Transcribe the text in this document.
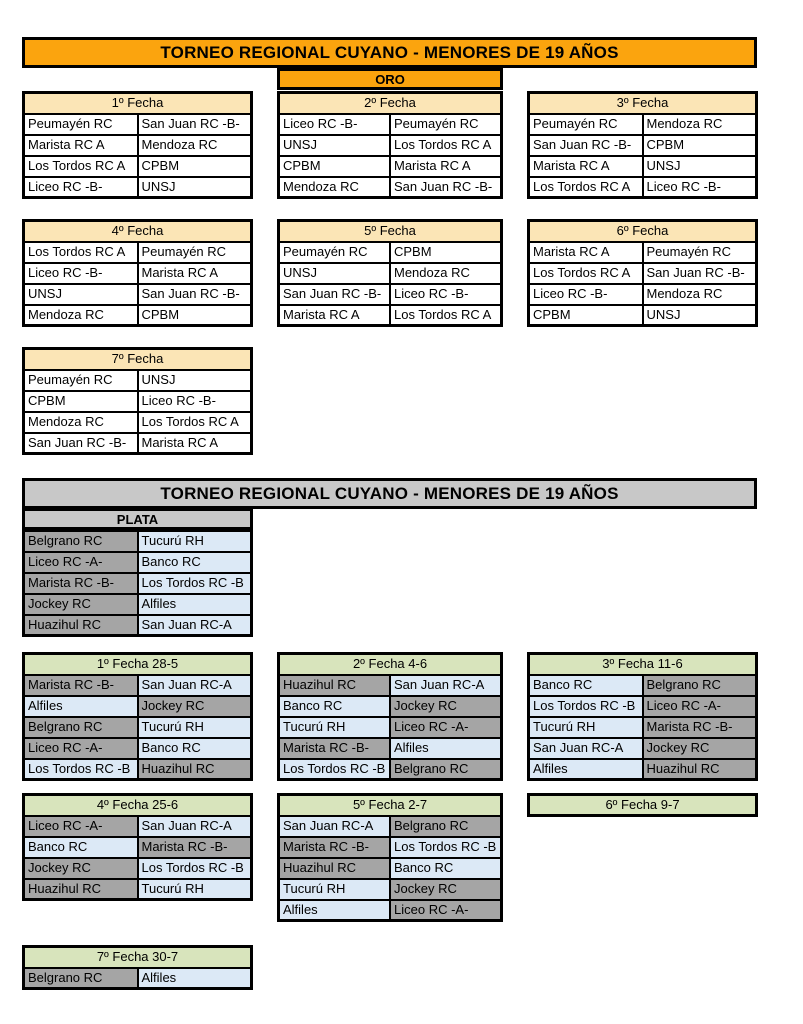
TORNEO REGIONAL CUYANO - MENORES DE 19 AÑOS
ORO
1º Fecha	
Peumayén RC	San Juan RC -B-
Marista RC A	Mendoza RC
Los Tordos RC A	CPBM
Liceo RC -B-	UNSJ
2º Fecha	
Liceo RC -B-	Peumayén RC
UNSJ	Los Tordos RC A
CPBM	Marista RC A
Mendoza RC	San Juan RC -B-
3º Fecha	
Peumayén RC	Mendoza RC
San Juan RC -B-	CPBM
Marista RC A	UNSJ
Los Tordos RC A	Liceo RC -B-
4º Fecha	
Los Tordos RC A	Peumayén RC
Liceo RC -B-	Marista RC A
UNSJ	San Juan RC -B-
Mendoza RC	CPBM
5º Fecha	
Peumayén RC	CPBM
UNSJ	Mendoza RC
San Juan RC -B-	Liceo RC -B-
Marista RC A	Los Tordos RC A
6º Fecha	
Marista RC A	Peumayén RC
Los Tordos RC A	San Juan RC -B-
Liceo RC -B-	Mendoza RC
CPBM	UNSJ
7º Fecha	
Peumayén RC	UNSJ
CPBM	Liceo RC -B-
Mendoza RC	Los Tordos RC A
San Juan RC -B-	Marista RC A
TORNEO REGIONAL CUYANO - MENORES DE 19 AÑOS
PLATA
Belgrano RC	Tucurú RH
Liceo RC -A-	Banco RC
Marista RC -B-	Los Tordos RC -B
Jockey RC	Alfiles
Huazihul RC	San Juan RC-A
1º Fecha 28-5	
Marista RC -B-	San Juan RC-A
Alfiles	Jockey RC
Belgrano RC	Tucurú RH
Liceo RC -A-	Banco RC
Los Tordos RC -B	Huazihul RC
2º Fecha 4-6	
Huazihul RC	San Juan RC-A
Banco RC	Jockey RC
Tucurú RH	Liceo RC -A-
Marista RC -B-	Alfiles
Los Tordos RC -B	Belgrano RC
3º Fecha 11-6	
Banco RC	Belgrano RC
Los Tordos RC -B	Liceo RC -A-
Tucurú RH	Marista RC -B-
San Juan RC-A	Jockey RC
Alfiles	Huazihul RC
4º Fecha 25-6	
Liceo RC -A-	San Juan RC-A
Banco RC	Marista RC -B-
Jockey RC	Los Tordos RC -B
Huazihul RC	Tucurú RH
5º Fecha 2-7	
San Juan RC-A	Belgrano RC
Marista RC -B-	Los Tordos RC -B
Huazihul RC	Banco RC
Tucurú RH	Jockey RC
Alfiles	Liceo RC -A-
6º Fecha 9-7
7º Fecha 30-7
Belgrano RC	Alfiles
